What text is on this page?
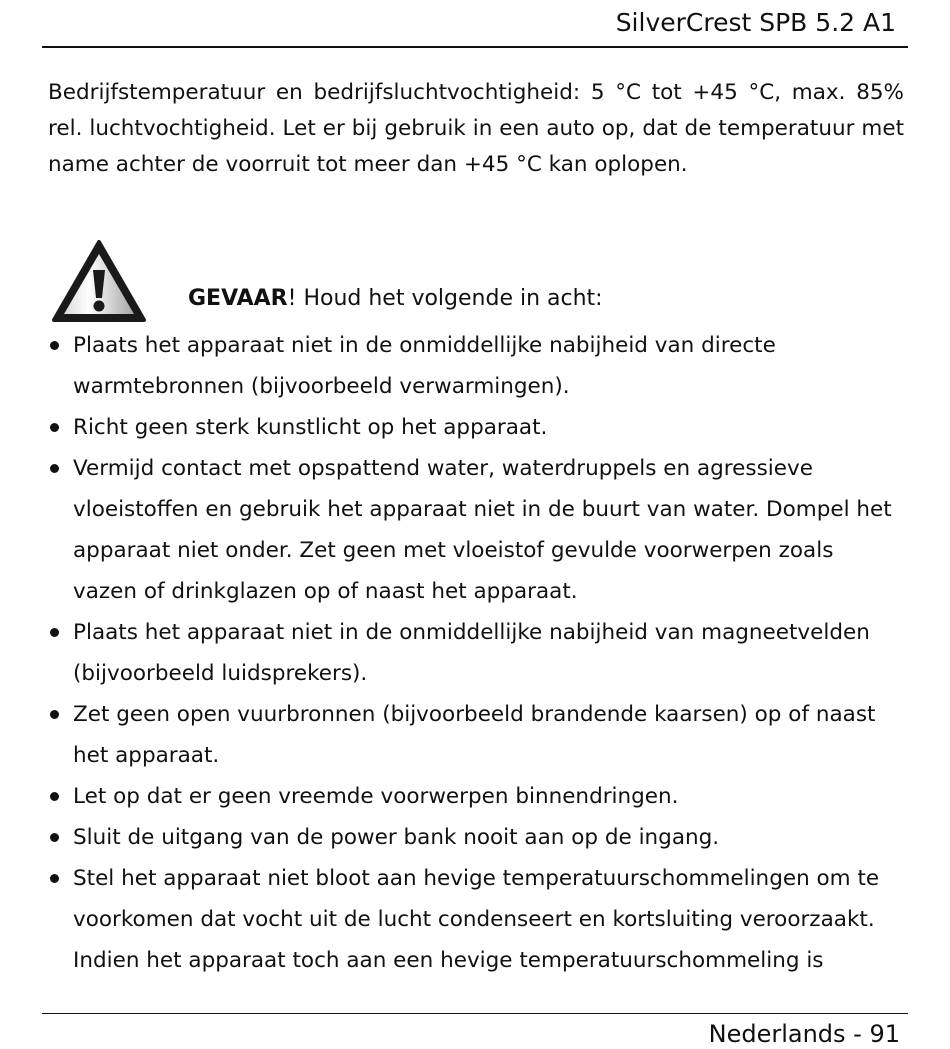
SilverCrest SPB 5.2 A1

Bedrijfstemperatuur en bedrijfsluchtvochtigheid: 5 °C tot +45 °C, max. 85% rel. luchtvochtigheid. Let er bij gebruik in een auto op, dat de temperatuur met name achter de voorruit tot meer dan +45 °C kan oplopen.

GEVAAR! Houd het volgende in acht:
Plaats het apparaat niet in de onmiddellijke nabijheid van directe warmtebronnen (bijvoorbeeld verwarmingen).
Richt geen sterk kunstlicht op het apparaat.
Vermijd contact met opspattend water, waterdruppels en agressieve vloeistoffen en gebruik het apparaat niet in de buurt van water. Dompel het apparaat niet onder. Zet geen met vloeistof gevulde voorwerpen zoals vazen of drinkglazen op of naast het apparaat.
Plaats het apparaat niet in de onmiddellijke nabijheid van magneetvelden (bijvoorbeeld luidsprekers).
Zet geen open vuurbronnen (bijvoorbeeld brandende kaarsen) op of naast het apparaat.
Let op dat er geen vreemde voorwerpen binnendringen.
Sluit de uitgang van de power bank nooit aan op de ingang.
Stel het apparaat niet bloot aan hevige temperatuurschommelingen om te voorkomen dat vocht uit de lucht condenseert en kortsluiting veroorzaakt. Indien het apparaat toch aan een hevige temperatuurschommeling is
Nederlands - 91
